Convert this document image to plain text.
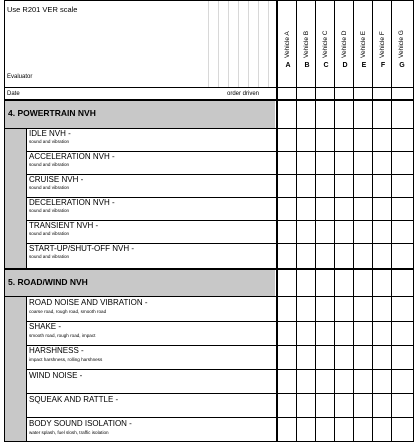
Use R201 VER scale
Evaluator
Date	order driven
Vehicle A	Vehicle B	Vehicle C	Vehicle D	Vehicle E	Vehicle F	Vehicle G
A	B	C	D	E	F	G
4. POWERTRAIN NVH
IDLE NVH -
sound and vibration
ACCELERATION NVH -
sound and vibration
CRUISE NVH -
sound and vibration
DECELERATION NVH -
sound and vibration
TRANSIENT NVH -
sound and vibration
START-UP/SHUT-OFF NVH -
sound and vibration
5. ROAD/WIND NVH
ROAD NOISE AND VIBRATION -
coarse road, rough road, smooth road
SHAKE -
smooth road, rough road, impact
HARSHNESS -
impact harshness, rolling harshness
WIND NOISE -
SQUEAK AND RATTLE -
BODY SOUND ISOLATION -
water splash, fuel slosh, traffic isolation
